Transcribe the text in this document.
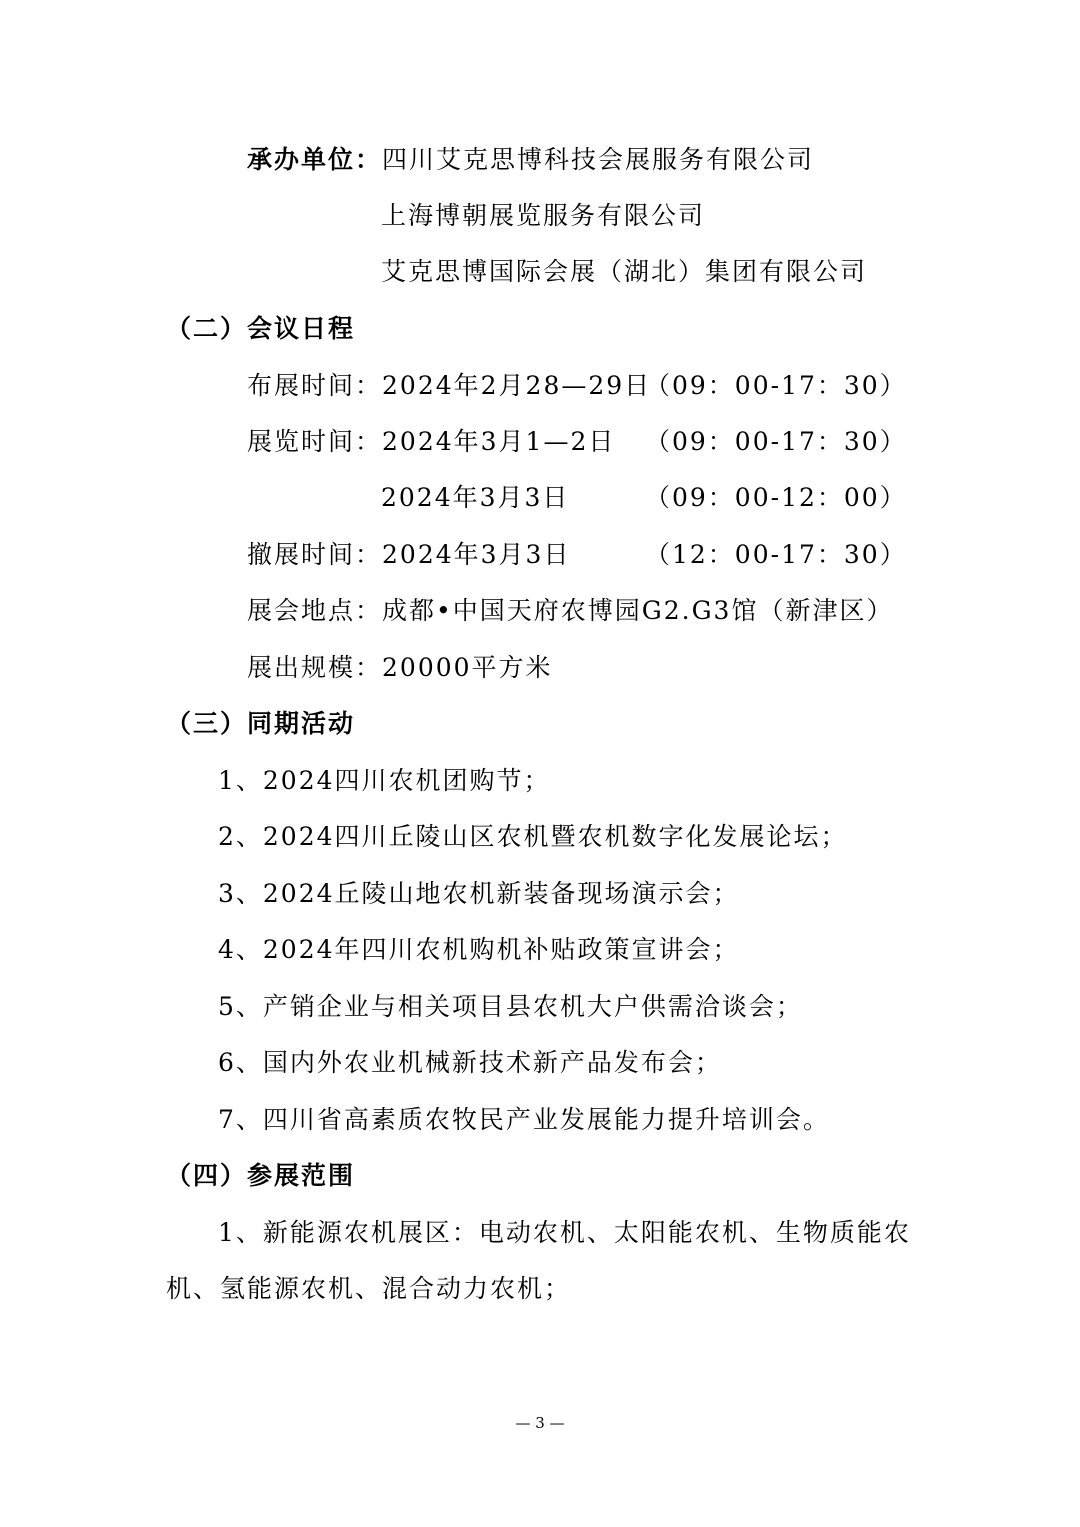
承办单位：四川艾克思博科技会展服务有限公司
上海博朝展览服务有限公司
艾克思博国际会展（湖北）集团有限公司
（二）会议日程
布展时间：2024年2月28—29日
（09：00-17：30）
展览时间：2024年3月1—2日 （09：00-17：30）
2024年3月3日	（09：00-12：00）
撤展时间：2024年3月3日	（12：00-17：30）
展会地点：成都•中国天府农博园G2.G3馆（新津区）
展出规模：20000平方米
（三）同期活动
1、2024四川农机团购节；
2、2024四川丘陵山区农机暨农机数字化发展论坛；
3、2024丘陵山地农机新装备现场演示会；
4、2024年四川农机购机补贴政策宣讲会；
5、产销企业与相关项目县农机大户供需洽谈会；
6、国内外农业机械新技术新产品发布会；
7、四川省高素质农牧民产业发展能力提升培训会。
（四）参展范围
1、新能源农机展区：电动农机、太阳能农机、生物质能农
机、氢能源农机、混合动力农机；
— 3 —
